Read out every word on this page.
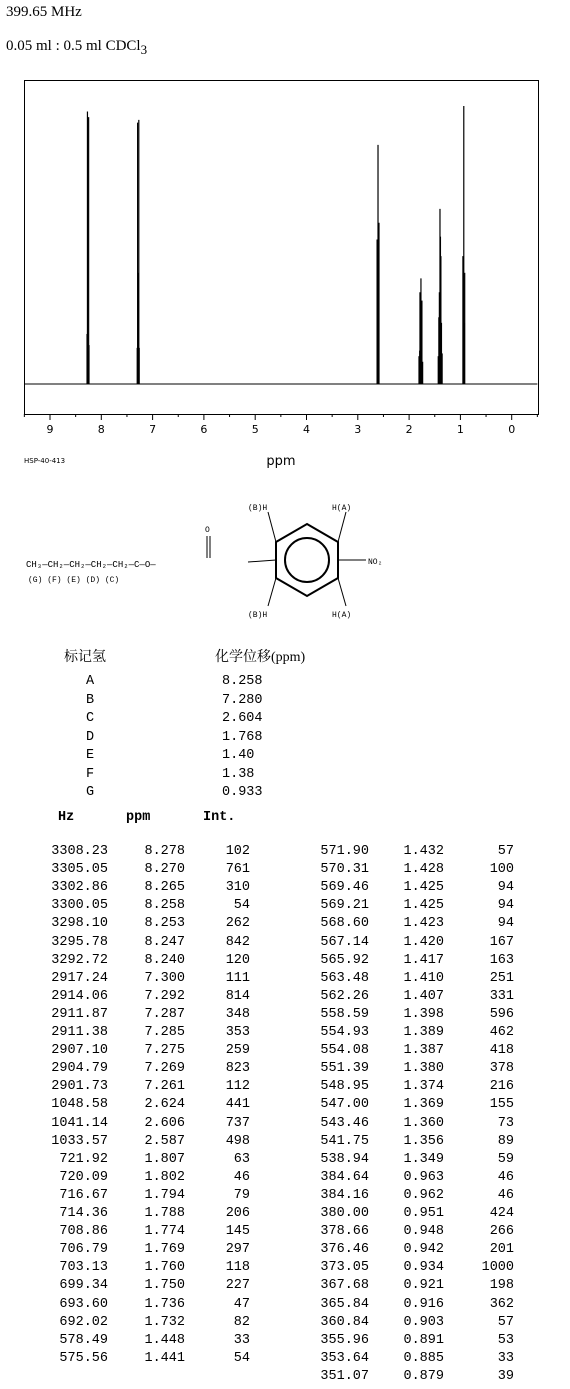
399.65 MHz
0.05 ml : 0.5 ml CDCl$_3$
9	8	7	6	5	4	3	2	1	0
ppm
HSP-40-413
CH₃—CH₂—CH₂—CH₂—CH₂—C—O—
(G) (F) (E) (D) (C)
O
NO₂
(B)H	H(A)
(B)H	H(A)
标记氢	化学位移(ppm)
A	8.258
B	7.280
C	2.604
D	1.768
E	1.40
F	1.38
G	0.933
Hz	ppm	Int.
3308.23	8.278	102
3305.05	8.270	761
3302.86	8.265	310
3300.05	8.258	54
3298.10	8.253	262
3295.78	8.247	842
3292.72	8.240	120
2917.24	7.300	111
2914.06	7.292	814
2911.87	7.287	348
2911.38	7.285	353
2907.10	7.275	259
2904.79	7.269	823
2901.73	7.261	112
1048.58	2.624	441
1041.14	2.606	737
1033.57	2.587	498
721.92	1.807	63
720.09	1.802	46
716.67	1.794	79
714.36	1.788	206
708.86	1.774	145
706.79	1.769	297
703.13	1.760	118
699.34	1.750	227
693.60	1.736	47
692.02	1.732	82
578.49	1.448	33
575.56	1.441	54
571.90	1.432	57
570.31	1.428	100
569.46	1.425	94
569.21	1.425	94
568.60	1.423	94
567.14	1.420	167
565.92	1.417	163
563.48	1.410	251
562.26	1.407	331
558.59	1.398	596
554.93	1.389	462
554.08	1.387	418
551.39	1.380	378
548.95	1.374	216
547.00	1.369	155
543.46	1.360	73
541.75	1.356	89
538.94	1.349	59
384.64	0.963	46
384.16	0.962	46
380.00	0.951	424
378.66	0.948	266
376.46	0.942	201
373.05	0.934	1000
367.68	0.921	198
365.84	0.916	362
360.84	0.903	57
355.96	0.891	53
353.64	0.885	33
351.07	0.879	39
